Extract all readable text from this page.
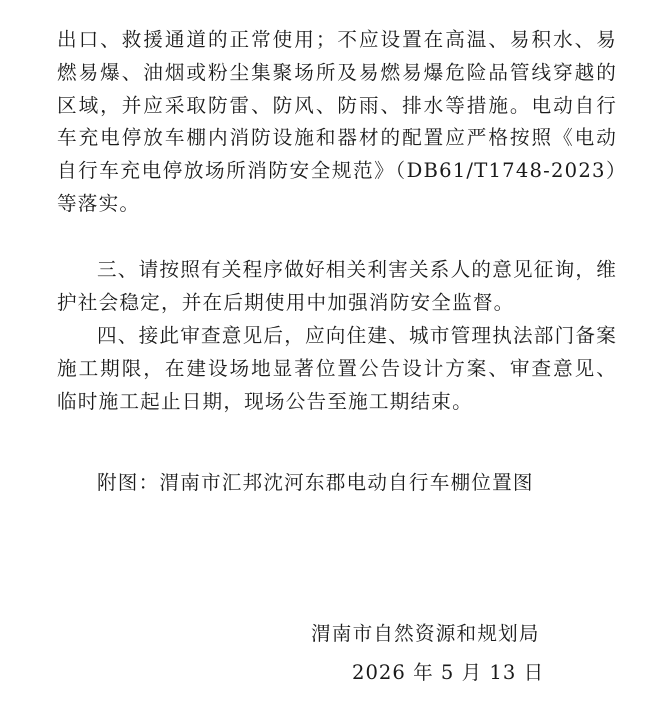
出口、救援通道的正常使用；不应设置在高温、易积水、易燃易爆、油烟或粉尘集聚场所及易燃易爆危险品管线穿越的区域，并应采取防雷、防风、防雨、排水等措施。电动自行车充电停放车棚内消防设施和器材的配置应严格按照《电动自行车充电停放场所消防安全规范》（DB61/T1748-2023）等落实。

三、请按照有关程序做好相关利害关系人的意见征询，维护社会稳定，并在后期使用中加强消防安全监督。

四、接此审查意见后，应向住建、城市管理执法部门备案施工期限，在建设场地显著位置公告设计方案、审查意见、临时施工起止日期，现场公告至施工期结束。

附图：渭南市汇邦沈河东郡电动自行车棚位置图

渭南市自然资源和规划局

2026 年 5 月 13 日
